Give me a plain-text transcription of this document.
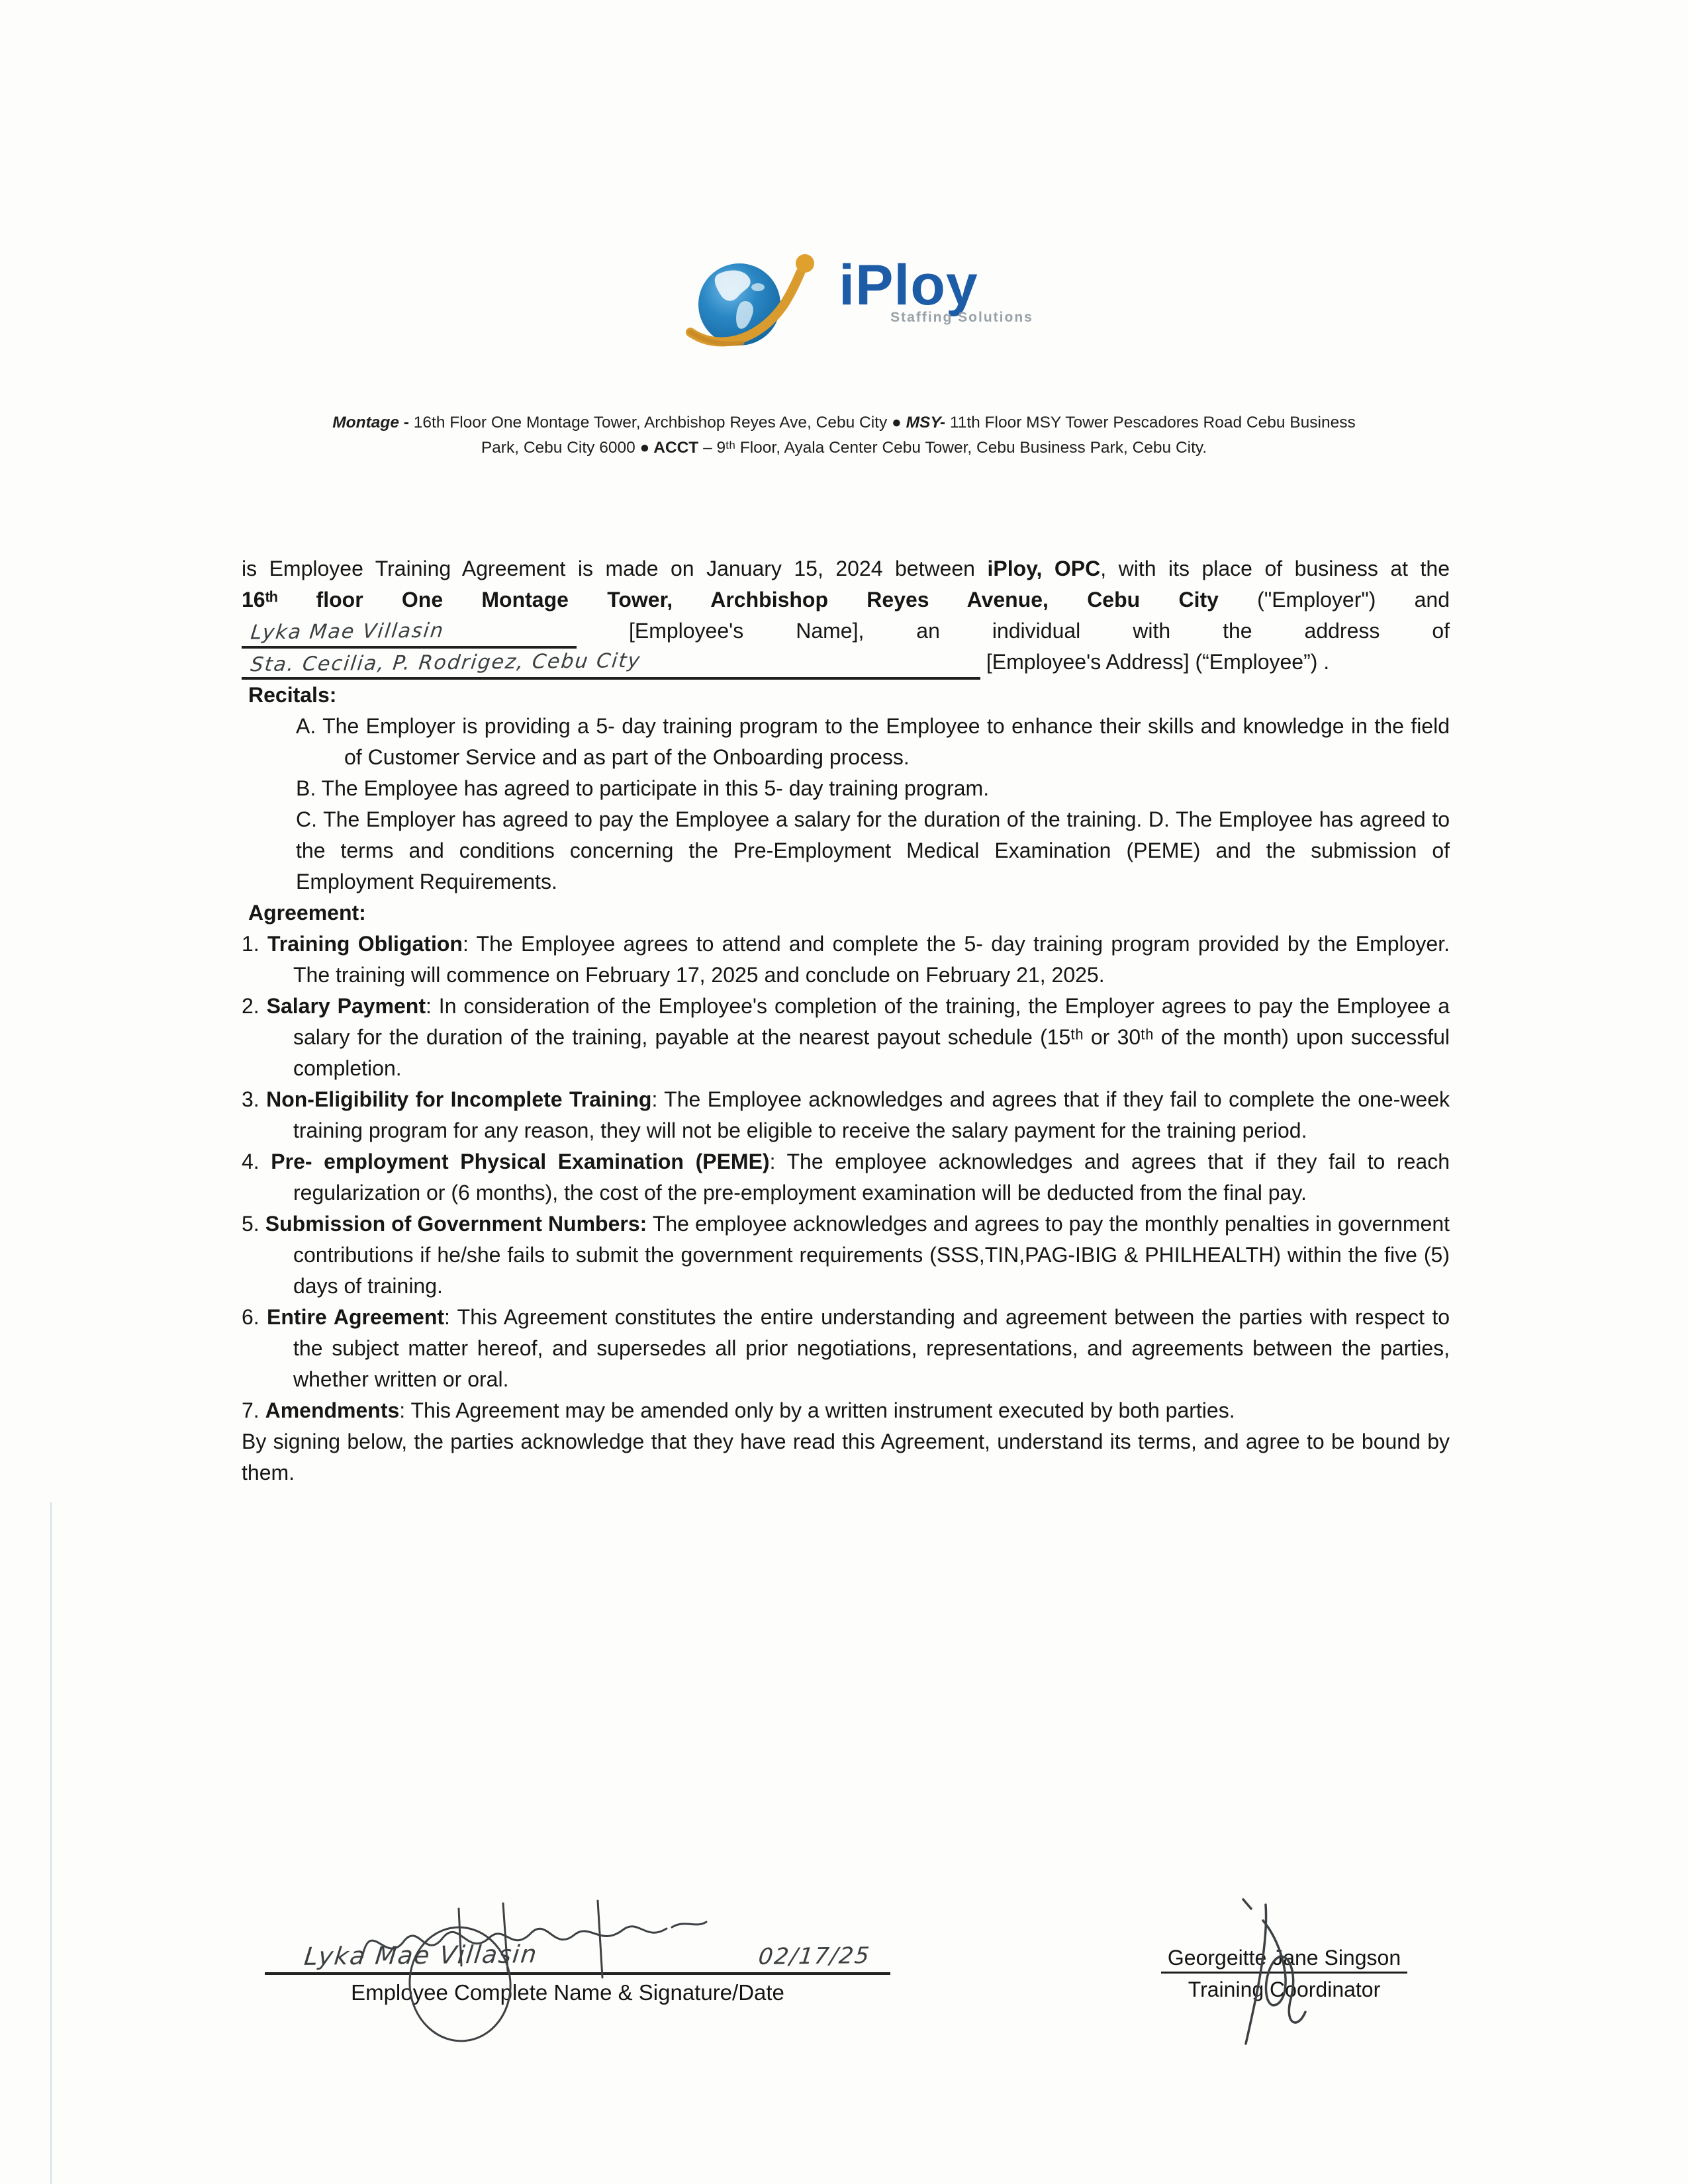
iPloy
Staffing Solutions
Montage - 16th Floor One Montage Tower, Archbishop Reyes Ave, Cebu City ● MSY- 11th Floor MSY Tower Pescadores Road Cebu Business Park, Cebu City 6000 ● ACCT – 9ᵗʰ Floor, Ayala Center Cebu Tower, Cebu Business Park, Cebu City.
is Employee Training Agreement is made on January 15, 2024 between iPloy, OPC, with its place of business at the
16ᵗʰ floor One Montage Tower, Archbishop Reyes Avenue, Cebu City ("Employer") and
Lyka Mae Villasin	[Employee's Name], an individual with the address of
Sta. Cecilia, P. Rodrigez, Cebu City	[Employee's Address] (“Employee”) .

Recitals:

A. The Employer is providing a 5- day training program to the Employee to enhance their skills and knowledge in the field of Customer Service and as part of the Onboarding process.

B. The Employee has agreed to participate in this 5- day training program.

C. The Employer has agreed to pay the Employee a salary for the duration of the training. D. The Employee has agreed to the terms and conditions concerning the Pre-Employment Medical Examination (PEME) and the submission of Employment Requirements.

Agreement:

1. Training Obligation: The Employee agrees to attend and complete the 5- day training program provided by the Employer. The training will commence on February 17, 2025 and conclude on February 21, 2025.

2. Salary Payment: In consideration of the Employee's completion of the training, the Employer agrees to pay the Employee a salary for the duration of the training, payable at the nearest payout schedule (15ᵗʰ or 30ᵗʰ of the month) upon successful completion.

3. Non-Eligibility for Incomplete Training: The Employee acknowledges and agrees that if they fail to complete the one-week training program for any reason, they will not be eligible to receive the salary payment for the training period.

4. Pre- employment Physical Examination (PEME): The employee acknowledges and agrees that if they fail to reach regularization or (6 months), the cost of the pre-employment examination will be deducted from the final pay.

5. Submission of Government Numbers: The employee acknowledges and agrees to pay the monthly penalties in government contributions if he/she fails to submit the government requirements (SSS,TIN,PAG-IBIG & PHILHEALTH) within the five (5) days of training.

6. Entire Agreement: This Agreement constitutes the entire understanding and agreement between the parties with respect to the subject matter hereof, and supersedes all prior negotiations, representations, and agreements between the parties, whether written or oral.

7. Amendments: This Agreement may be amended only by a written instrument executed by both parties.

By signing below, the parties acknowledge that they have read this Agreement, understand its terms, and agree to be bound by them.

Lyka Mae Villasin	02/17/25
Employee Complete Name & Signature/Date
Georgeitte Jane Singson
Training Coordinator
